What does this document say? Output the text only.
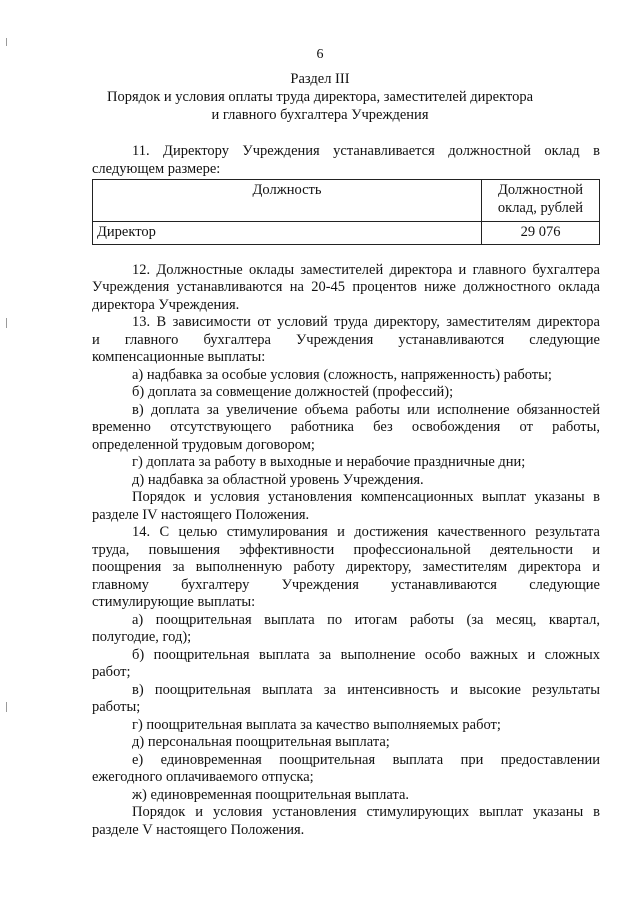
6
Раздел III
Порядок и условия оплаты труда директора, заместителей директора
и главного бухгалтера Учреждения

11. Директору Учреждения устанавливается должностной оклад в

следующем размере:

Должность	Должностной
оклад, рублей

Директор	29 076

12. Должностные оклады заместителей директора и главного бухгалтера

Учреждения устанавливаются на 20-45 процентов ниже должностного оклада

директора Учреждения.

13. В зависимости от условий труда директору, заместителям директора

и главного бухгалтера Учреждения устанавливаются следующие

компенсационные выплаты:

а) надбавка за особые условия (сложность, напряженность) работы;

б) доплата за совмещение должностей (профессий);

в) доплата за увеличение объема работы или исполнение обязанностей

временно отсутствующего работника без освобождения от работы,

определенной трудовым договором;

г) доплата за работу в выходные и нерабочие праздничные дни;

д) надбавка за областной уровень Учреждения.

Порядок и условия установления компенсационных выплат указаны в

разделе IV настоящего Положения.

14. С целью стимулирования и достижения качественного результата

труда, повышения эффективности профессиональной деятельности и

поощрения за выполненную работу директору, заместителям директора и

главному бухгалтеру Учреждения устанавливаются следующие

стимулирующие выплаты:

а) поощрительная выплата по итогам работы (за месяц, квартал,

полугодие, год);

б) поощрительная выплата за выполнение особо важных и сложных

работ;

в) поощрительная выплата за интенсивность и высокие результаты

работы;

г) поощрительная выплата за качество выполняемых работ;

д) персональная поощрительная выплата;

е) единовременная поощрительная выплата при предоставлении

ежегодного оплачиваемого отпуска;

ж) единовременная поощрительная выплата.

Порядок и условия установления стимулирующих выплат указаны в

разделе V настоящего Положения.
